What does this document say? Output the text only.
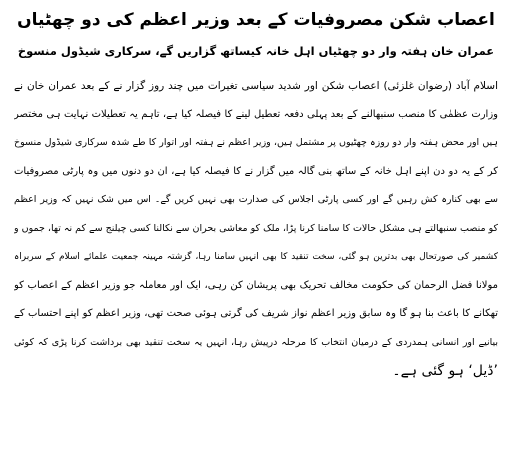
اعصاب شکن مصروفیات کے بعد وزیر اعظم کی دو چھٹیاں
عمران خان ہفتہ وار دو چھٹیاں اہل خانہ کیساتھ گزاریں گے، سرکاری شیڈول منسوخ
اسلام آباد (رضوان غلزئی) اعصاب شکن اور شدید سیاسی تغیرات میں چند روز گزار نے کے بعد عمران خان نے
وزارت عظمٰی کا منصب سنبھالنے کے بعد پہلی دفعہ تعطیل لینے کا فیصلہ کیا ہے، تاہم یہ تعطیلات نہایت ہی مختصر
ہیں اور محض ہفتہ وار دو روزہ چھٹیوں پر مشتمل ہیں، وزیر اعظم نے ہفتہ اور اتوار کا طے شدہ سرکاری شیڈول منسوخ
کر کے یہ دو دن اپنے اہل خانہ کے ساتھ بنی گالہ میں گزار نے کا فیصلہ کیا ہے، ان دو دنوں میں وہ پارٹی مصروفیات
سے بھی کنارہ کش رہیں گے اور کسی پارٹی اجلاس کی صدارت بھی نہیں کریں گے۔ اس میں شک نہیں کہ وزیر اعظم
کو منصب سنبھالتے ہی مشکل حالات کا سامنا کرنا پڑا، ملک کو معاشی بحران سے نکالنا کسی چیلنج سے کم نہ تھا، جموں و
کشمیر کی صورتحال بھی بدترین ہو گئی، سخت تنقید کا بھی انہیں سامنا رہا، گزشتہ مہینہ جمعیت علمائے اسلام کے سربراہ
مولانا فضل الرحمان کی حکومت مخالف تحریک بھی پریشان کن رہی، ایک اور معاملہ جو وزیر اعظم کے اعصاب کو
تھکانے کا باعث بنا ہو گا وہ سابق وزیر اعظم نواز شریف کی گرتی ہوئی صحت تھی، وزیر اعظم کو اپنے احتساب کے
بیانیے اور انسانی ہمدردی کے درمیان انتخاب کا مرحلہ درپیش رہا، انہیں یہ سخت تنقید بھی برداشت کرنا پڑی کہ کوئی
’ڈیل‘ ہو گئی ہے۔
